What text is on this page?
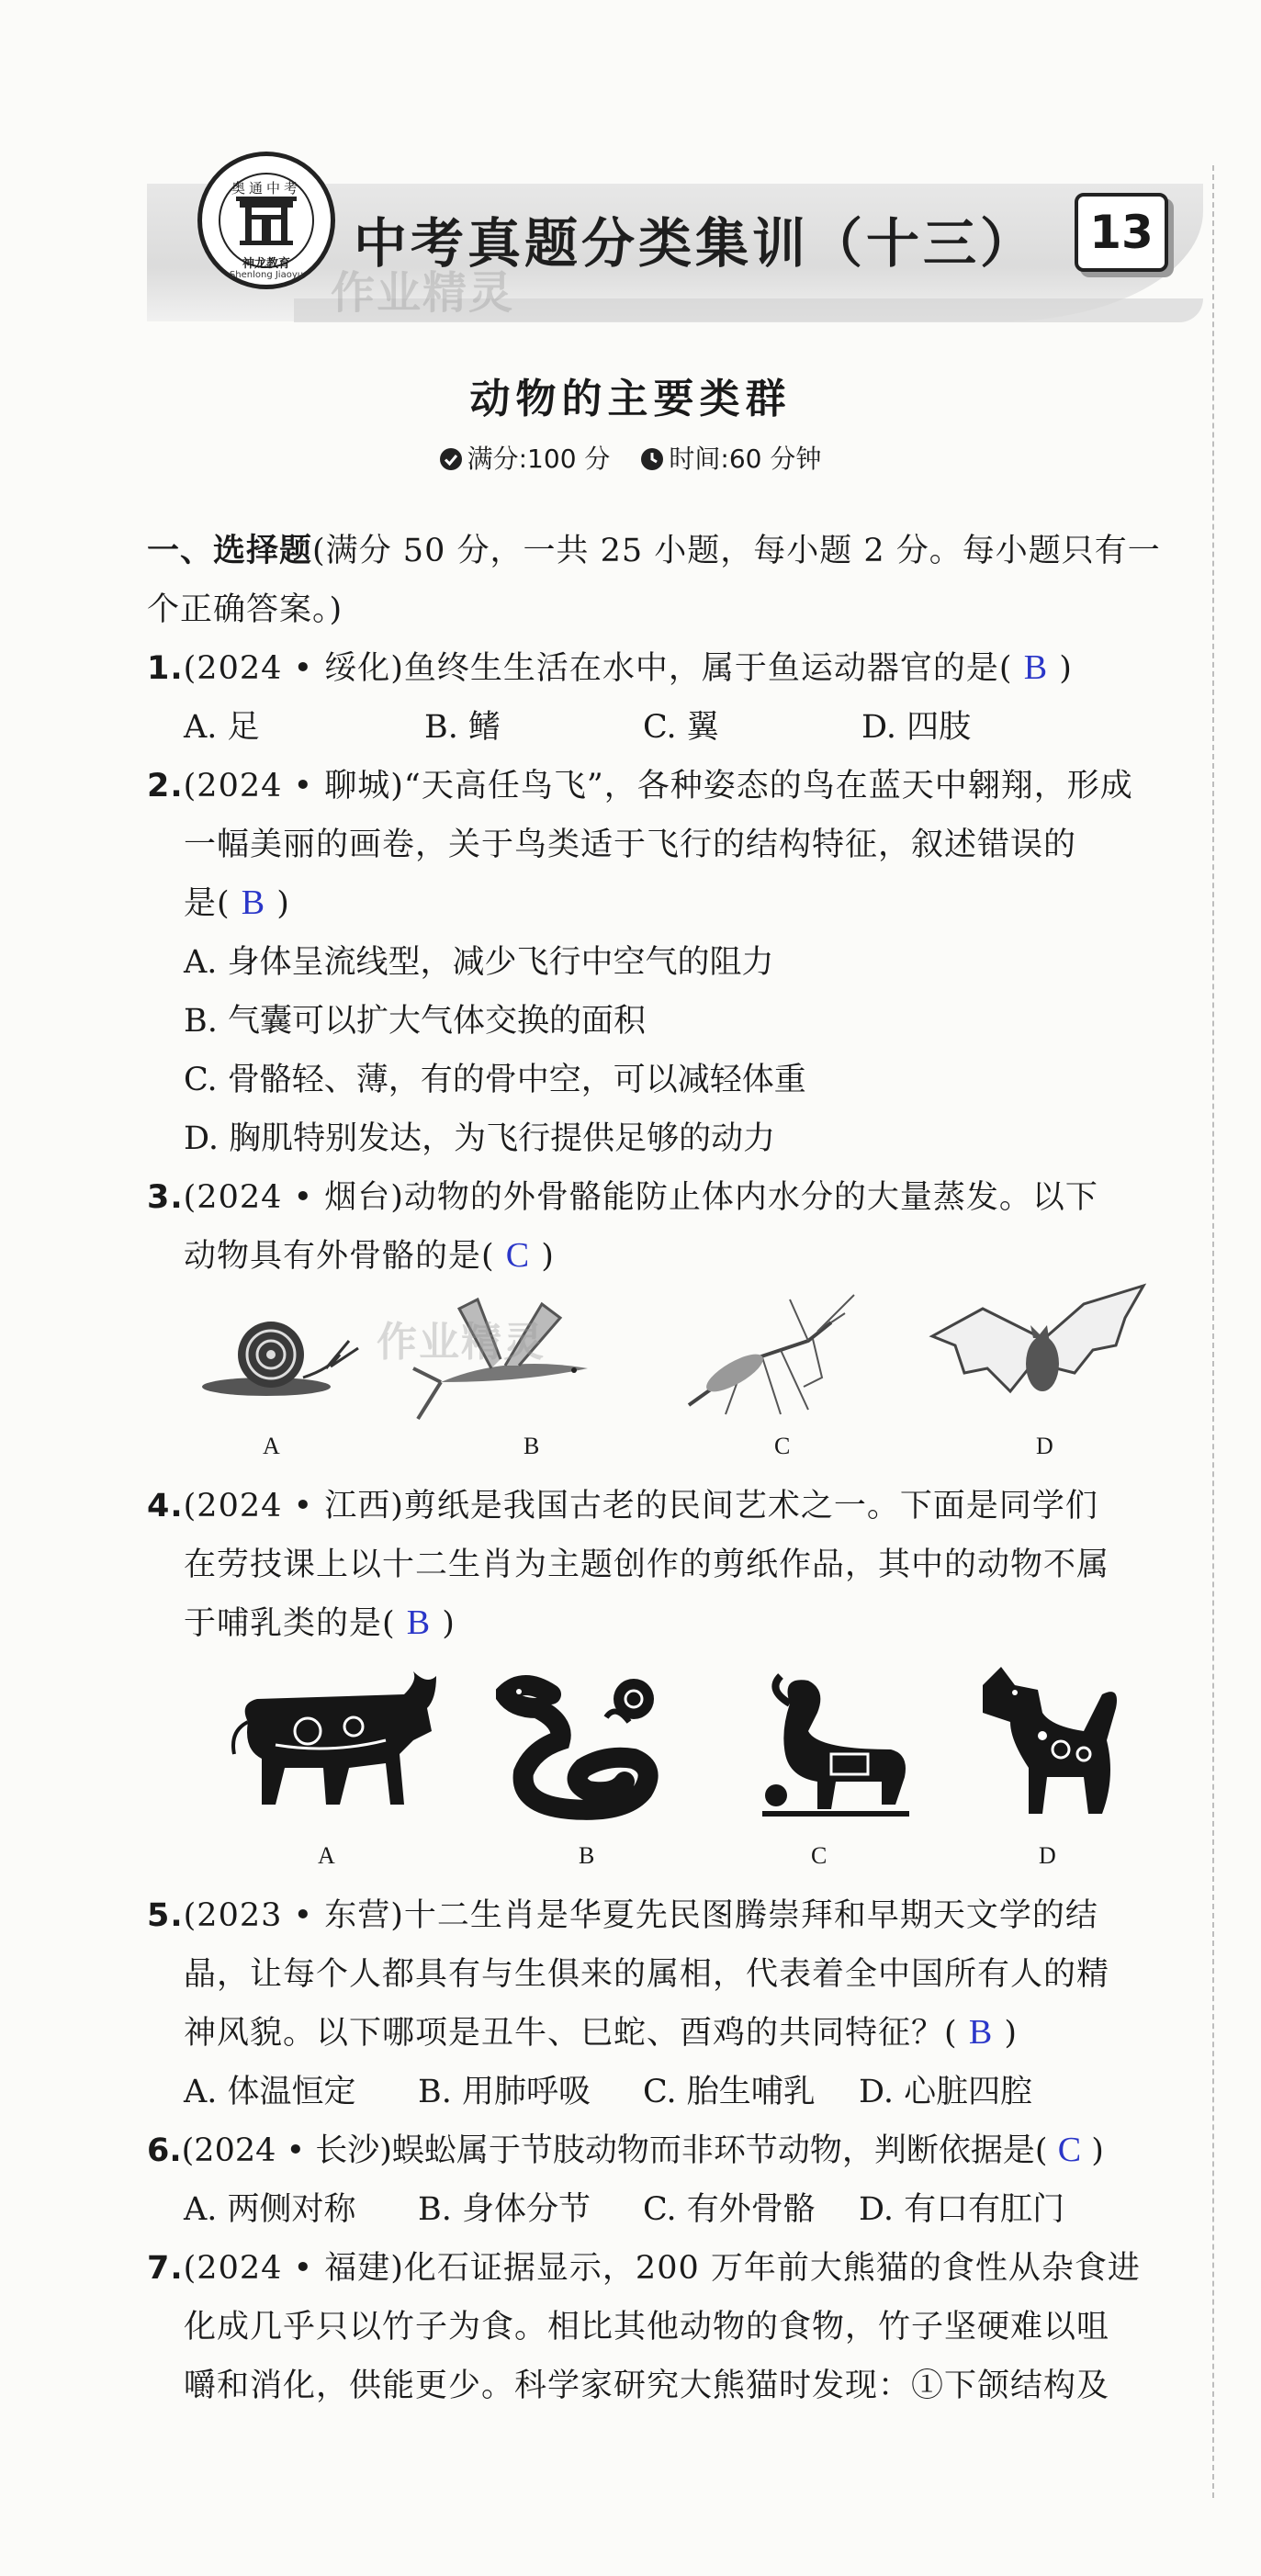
奥通中考
神龙教育
Shenlong Jiaoyu
中考真题分类集训（十三）
作业精灵
13
动物的主要类群
满分:100 分 时间:60 分钟
一、选择题(满分 50 分，一共 25 小题，每小题 2 分。每小题只有一
个正确答案。)
1.(2024 • 绥化)鱼终生生活在水中，属于鱼运动器官的是( B )
A. 足	B. 鳍	C. 翼	D. 四肢
2.(2024 • 聊城)“天高任鸟飞”，各种姿态的鸟在蓝天中翱翔，形成
一幅美丽的画卷，关于鸟类适于飞行的结构特征，叙述错误的
是( B )
A. 身体呈流线型，减少飞行中空气的阻力
B. 气囊可以扩大气体交换的面积
C. 骨骼轻、薄，有的骨中空，可以减轻体重
D. 胸肌特别发达，为飞行提供足够的动力
3.(2024 • 烟台)动物的外骨骼能防止体内水分的大量蒸发。以下
动物具有外骨骼的是( C )
A	B	C	D
4.(2024 • 江西)剪纸是我国古老的民间艺术之一。下面是同学们
在劳技课上以十二生肖为主题创作的剪纸作品，其中的动物不属
于哺乳类的是( B )
A	B	C	D
5.(2023 • 东营)十二生肖是华夏先民图腾崇拜和早期天文学的结
晶，让每个人都具有与生俱来的属相，代表着全中国所有人的精
神风貌。以下哪项是丑牛、巳蛇、酉鸡的共同特征？( B )
A. 体温恒定 B. 用肺呼吸 C. 胎生哺乳 D. 心脏四腔
6.(2024 • 长沙)蜈蚣属于节肢动物而非环节动物，判断依据是( C )
A. 两侧对称 B. 身体分节 C. 有外骨骼 D. 有口有肛门
7.(2024 • 福建)化石证据显示，200 万年前大熊猫的食性从杂食进
化成几乎只以竹子为食。相比其他动物的食物，竹子坚硬难以咀
嚼和消化，供能更少。科学家研究大熊猫时发现：①下颌结构及
作业精灵
